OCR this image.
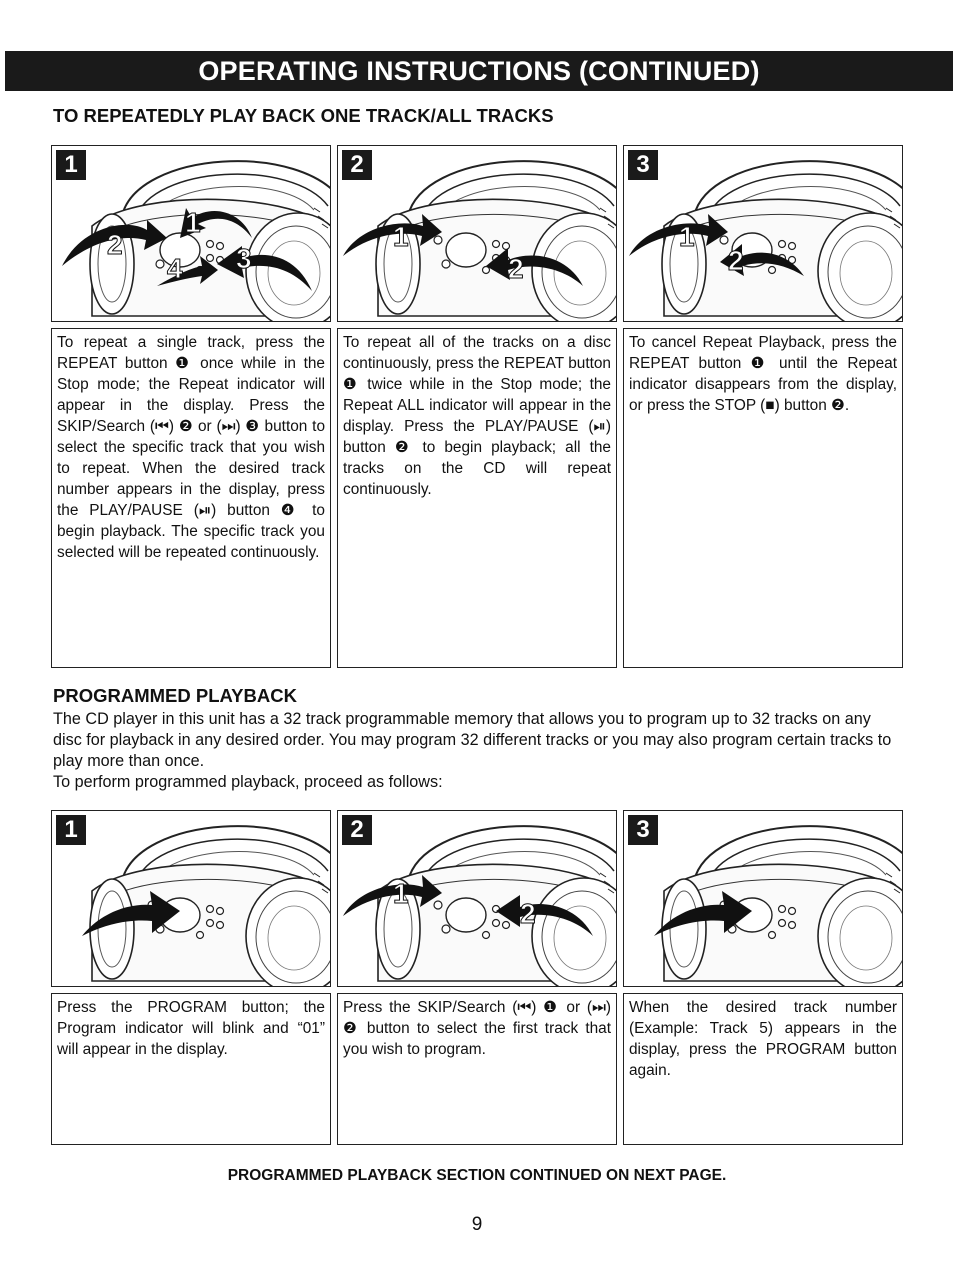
OPERATING INSTRUCTIONS (CONTINUED)
TO REPEATEDLY PLAY BACK ONE TRACK/ALL TRACKS
2
1
4 3
1
1
2
2
1
2
3
To repeat a single track, press the REPEAT button ❶ once while in the Stop mode; the Repeat indicator will appear in the display. Press the SKIP/Search (⏮) ❷ or (⏭) ❸ button to select the specific track that you wish to repeat. When the desired track number appears in the display, press the PLAY/PAUSE (⏯) button ❹ to begin playback. The specific track you selected will be repeated continuously.
To repeat all of the tracks on a disc continuously, press the REPEAT button ❶ twice while in the Stop mode; the Repeat ALL indicator will appear in the display. Press the PLAY/PAUSE (⏯) button ❷ to begin playback; all the tracks on the CD will repeat continuously.
To cancel Repeat Playback, press the REPEAT button ❶ until the Repeat indicator disappears from the display, or press the STOP (■) button ❷.
PROGRAMMED PLAYBACK

The CD player in this unit has a 32 track programmable memory that allows you to program up to 32 tracks on any disc for playback in any desired order. You may program 32 different tracks or you may also program certain tracks to play more than once.

To perform programmed playback, proceed as follows:

1
1
2
2	3
Press the PROGRAM button; the Program indicator will blink and “01” will appear in the display.
Press the SKIP/Search (⏮) ❶ or (⏭) ❷ button to select the first track that you wish to program.
When the desired track number (Example: Track 5) appears in the display, press the PROGRAM button again.
PROGRAMMED PLAYBACK SECTION CONTINUED ON NEXT PAGE.
9
